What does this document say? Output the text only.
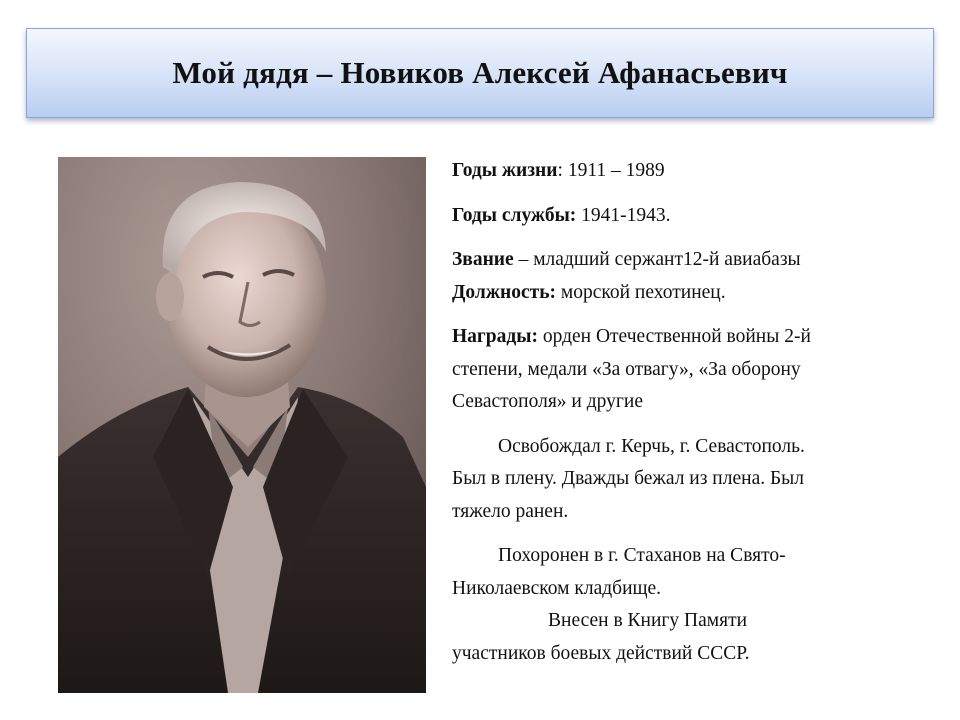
Мой дядя – Новиков Алексей Афанасьевич

Годы жизни: 1911 – 1989

Годы службы: 1941-1943.

Звание – младший сержант12-й авиабазы

Должность: морской пехотинец.

Награды: орден Отечественной войны 2-й
степени, медали «За отвагу», «За оборону
Севастополя» и другие

Освобождал г. Керчь, г. Севастополь.
Был в плену. Дважды бежал из плена. Был
тяжело ранен.

Похоронен в г. Стаханов на Свято-
Николаевском кладбище.

Внесен в Книгу Памяти
участников боевых действий СССР.
